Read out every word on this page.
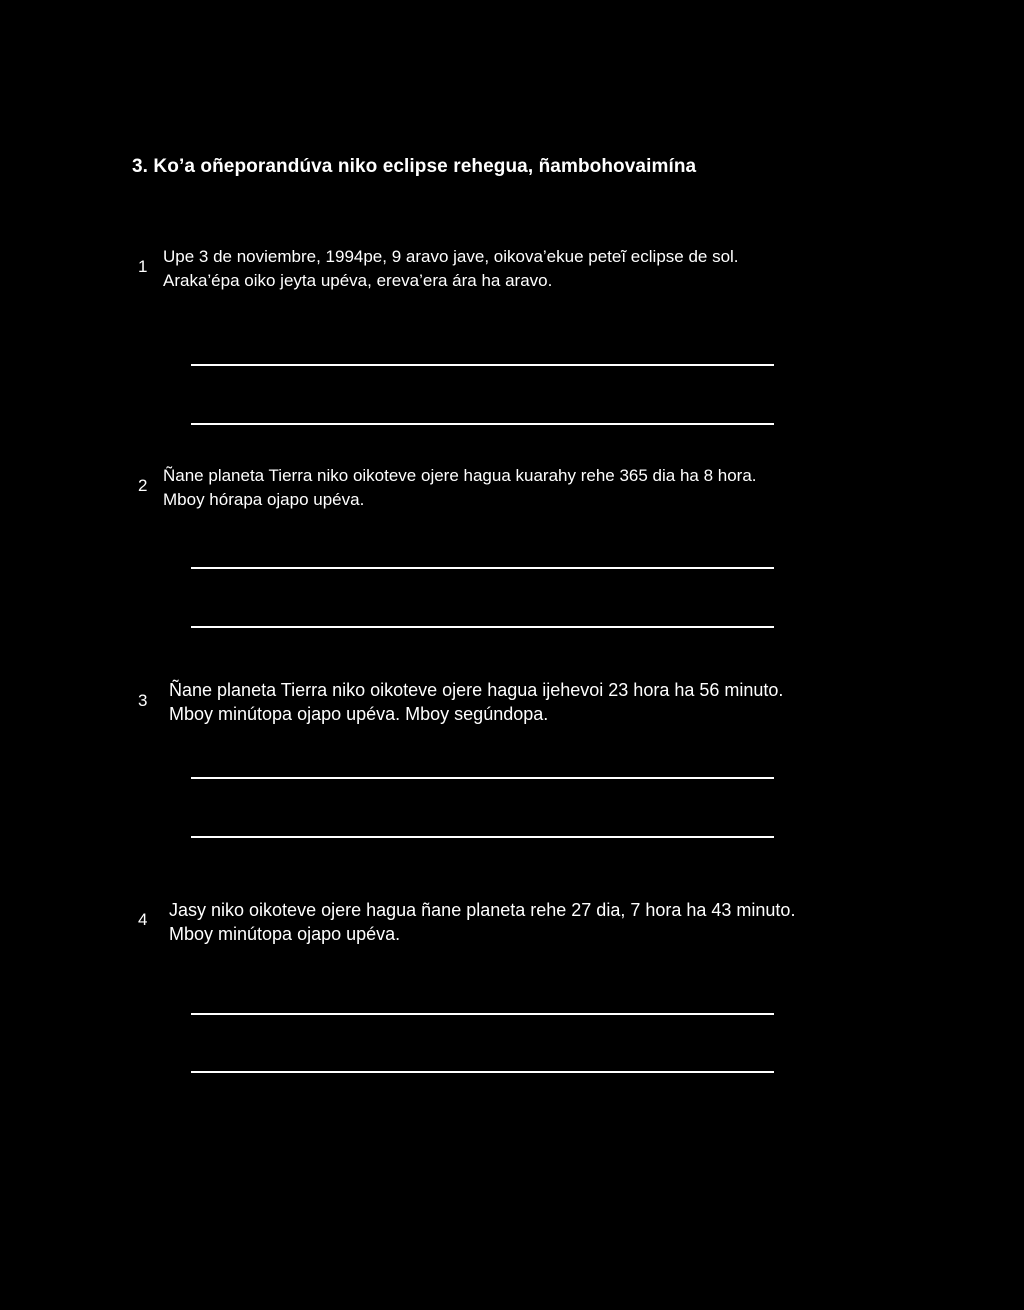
3. Ko’a oñeporandúva niko eclipse rehegua, ñambohovaimína
1
Upe 3 de noviembre, 1994pe, 9 aravo jave, oikova’ekue peteĩ eclipse de sol.
Araka’épa oiko jeyta upéva, ereva’era ára ha aravo.
2
Ñane planeta Tierra niko oikoteve ojere hagua kuarahy rehe 365 dia ha 8 hora.
Mboy hórapa ojapo upéva.
3
Ñane planeta Tierra niko oikoteve ojere hagua ijehevoi 23 hora ha 56 minuto.
Mboy minútopa ojapo upéva. Mboy segúndopa.
4 Jasy niko oikoteve ojere hagua ñane planeta rehe 27 dia, 7 hora ha 43 minuto.
Mboy minútopa ojapo upéva.
